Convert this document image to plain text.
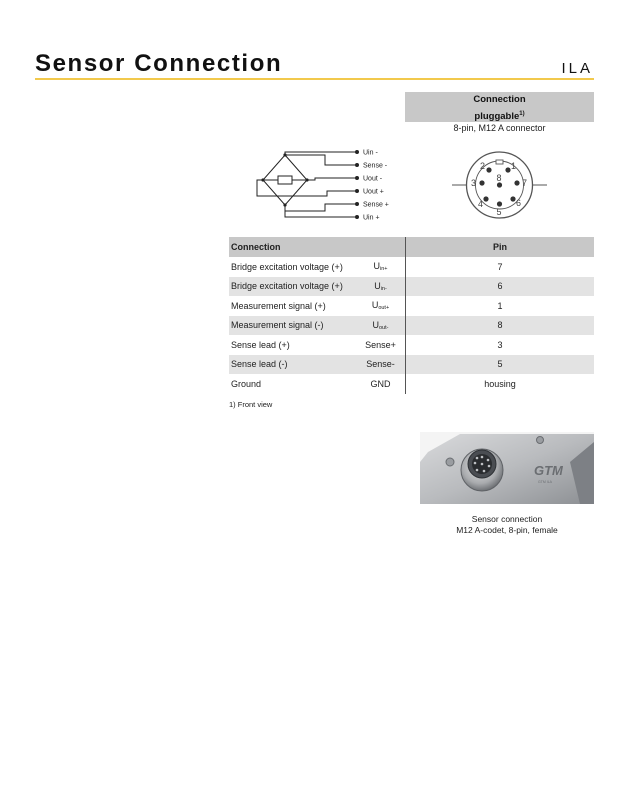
Sensor Connection	ILA
Connection
pluggable$^{1)}$
8-pin, M12 A connector
Uin -
Sense -
Uout -
Uout +
Sense +
Uin +
1
2
3
4
5
6
7
8
Connection		Pin
Bridge excitation voltage (+)	Uin+	7
Bridge excitation voltage (+)	Uin-	6
Measurement signal (+)	Uout+	1
Measurement signal (-)	Uout-	8
Sense lead (+)	Sense+	3
Sense lead (-)	Sense-	5
Ground	GND	housing
1) Front view
GTM
GTM ILA
Sensor connection
M12 A-codet, 8-pin, female
